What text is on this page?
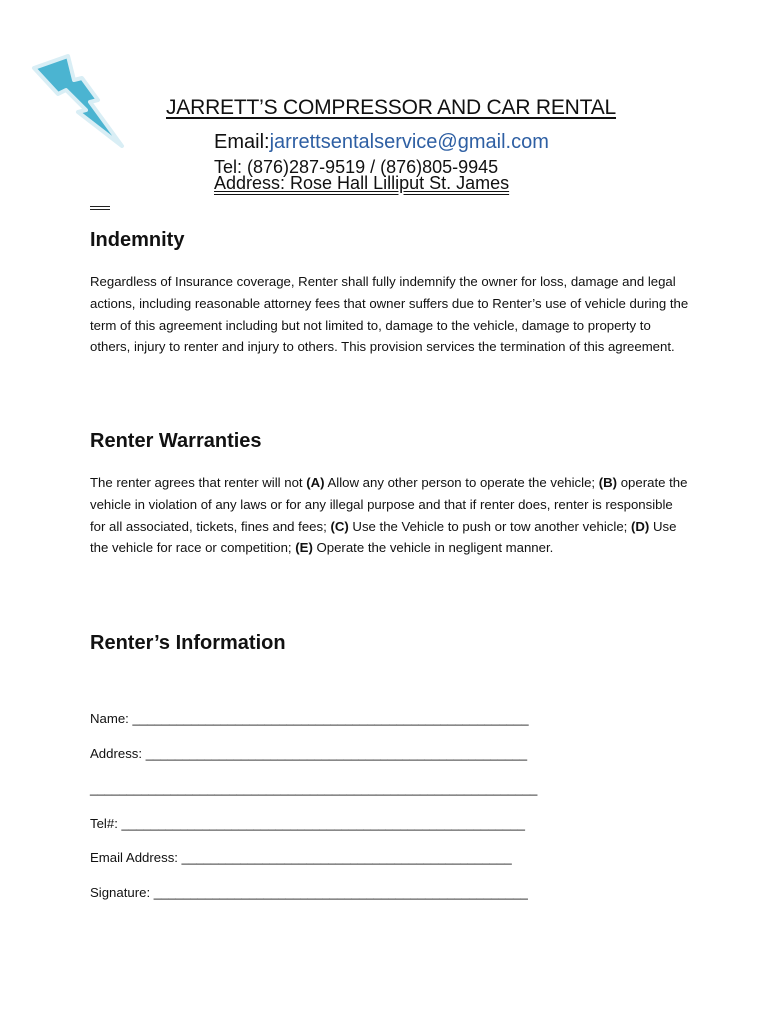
JARRETT’S COMPRESSOR AND CAR RENTAL
Email:jarrettsentalservice@gmail.com
Tel: (876)287-9519 / (876)805-9945
Address: Rose Hall Lilliput St. James
Indemnity
Regardless of Insurance coverage, Renter shall fully indemnify the owner for loss, damage and legal actions, including reasonable attorney fees that owner suffers due to Renter’s use of vehicle during the term of this agreement including but not limited to, damage to the vehicle, damage to property to others, injury to renter and injury to others. This provision services the termination of this agreement.
Renter Warranties
The renter agrees that renter will not (A) Allow any other person to operate the vehicle; (B) operate the vehicle in violation of any laws or for any illegal purpose and that if renter does, renter is responsible for all associated, tickets, fines and fees; (C) Use the Vehicle to push or tow another vehicle; (D) Use the vehicle for race or competition; (E) Operate the vehicle in negligent manner.
Renter’s Information
Name: ______________________________________________________
Address: ____________________________________________________
_____________________________________________________________
Tel#: _______________________________________________________
Email Address: _____________________________________________
Signature: ___________________________________________________
